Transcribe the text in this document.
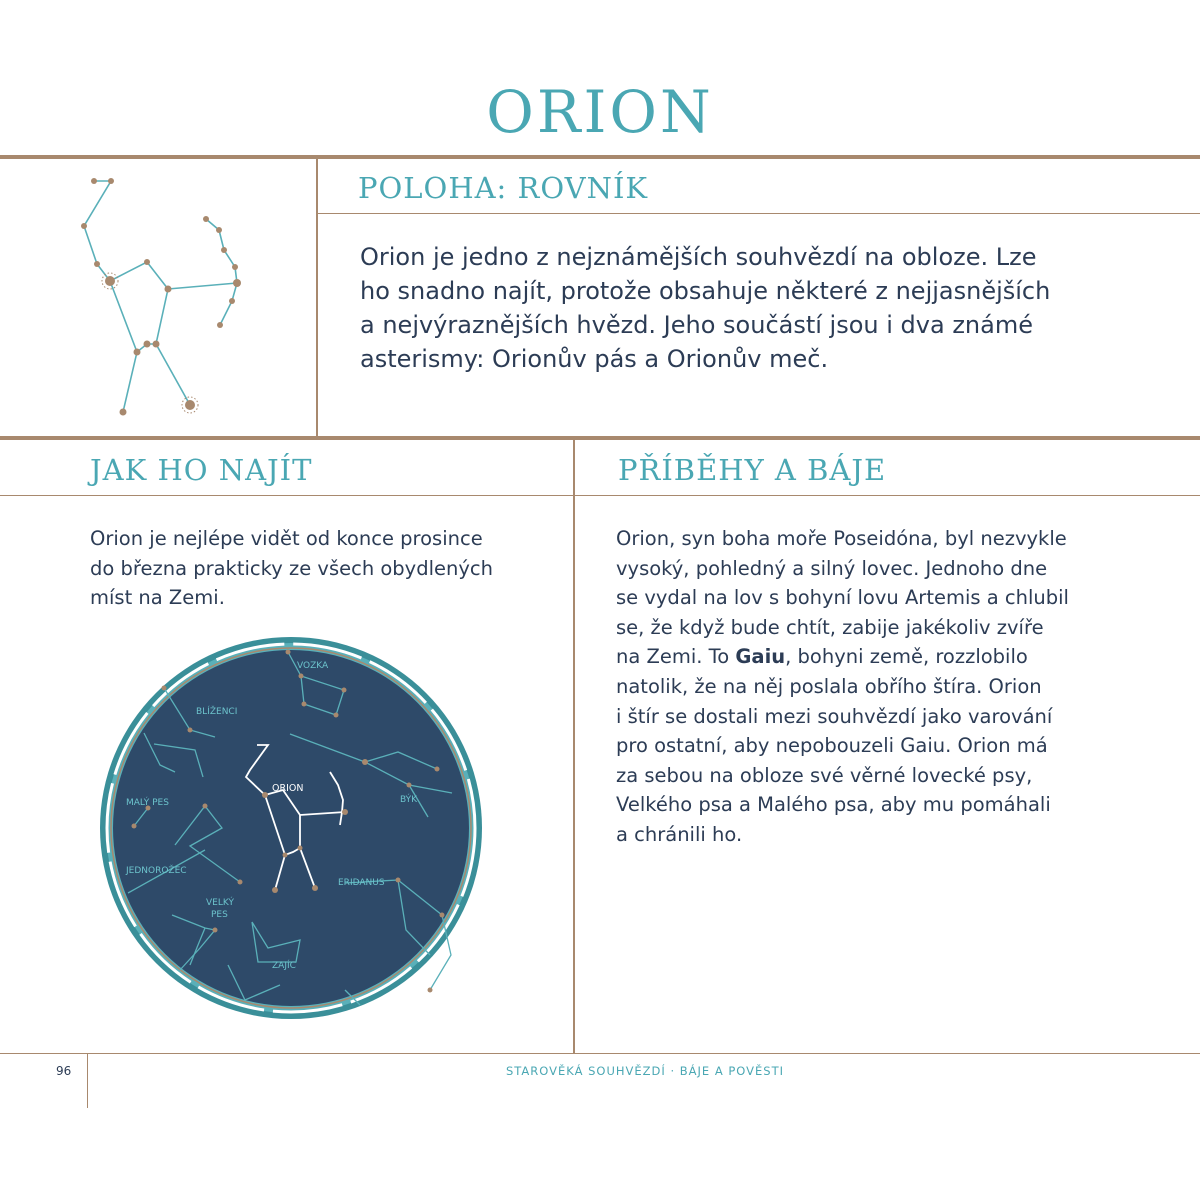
ORION
POLOHA: ROVNÍK
Orion je jedno z nejznámějších souhvězdí na obloze. Lze
ho snadno najít, protože obsahuje některé z nejjasnějších
a nejvýraznějších hvězd. Jeho součástí jsou i dva známé
asterismy: Orionův pás a Orionův meč.
JAK HO NAJÍT	PŘÍBĚHY A BÁJE
Orion je nejlépe vidět od konce prosince
do března prakticky ze všech obydlených
míst na Zemi.
Orion, syn boha moře Poseidóna, byl nezvykle
vysoký, pohledný a silný lovec. Jednoho dne
se vydal na lov s bohyní lovu Artemis a chlubil
se, že když bude chtít, zabije jakékoliv zvíře
na Zemi. To Gaiu, bohyni země, rozzlobilo
natolik, že na něj poslala obřího štíra. Orion
i štír se dostali mezi souhvězdí jako varování
pro ostatní, aby nepobouzeli Gaiu. Orion má
za sebou na obloze své věrné lovecké psy,
Velkého psa a Malého psa, aby mu pomáhali
a chránili ho.
VOZKA
BLÍŽENCI
ORION
BÝK
MALÝ PES
JEDNOROŽEC
ERIDANUS
VELKÝ
PES
ZAJÍC
96	STAROVĚKÁ SOUHVĚZDÍ · BÁJE A POVĚSTI
